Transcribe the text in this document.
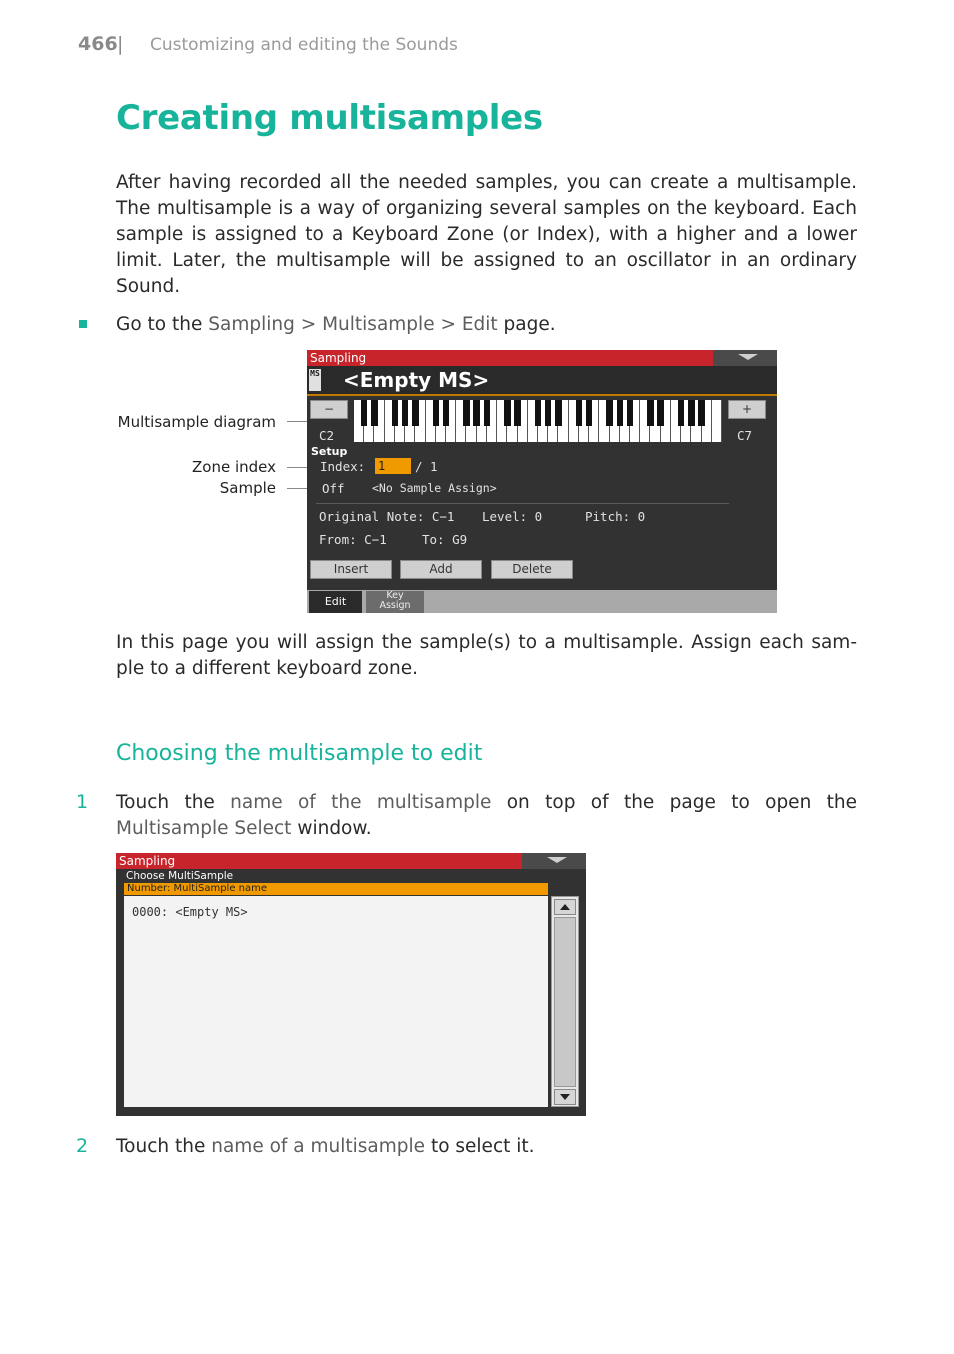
466 | Customizing and editing the Sounds
Creating multisamples
After having recorded all the needed samples, you can create a multisample. The multisample is a way of organizing several samples on the keyboard. Each sample is assigned to a Keyboard Zone (or Index), with a higher and a lower limit. Later, the multisample will be assigned to an oscillator in an ordinary Sound.
Go to the Sampling > Multisample > Edit page.
Multisample diagram
Zone index
Sample
Sampling
MS <Empty MS>
−	+
C2	C7
Setup
Index: 1	/ 1
Off <No Sample Assign>
Original Note: C−1 Level: 0	Pitch: 0
From: C−1	To: G9
Insert	Add	Delete
Edit	Key
Assign
In this page you will assign the sample(s) to a multisample. Assign each sam-ple to a different keyboard zone.
Choosing the multisample to edit
1 Touch the name of the multisample on top of the page to open the Multisample Select window.
Sampling
Choose MultiSample
Number: MultiSample name
0000: <Empty MS>
2 Touch the name of a multisample to select it.
